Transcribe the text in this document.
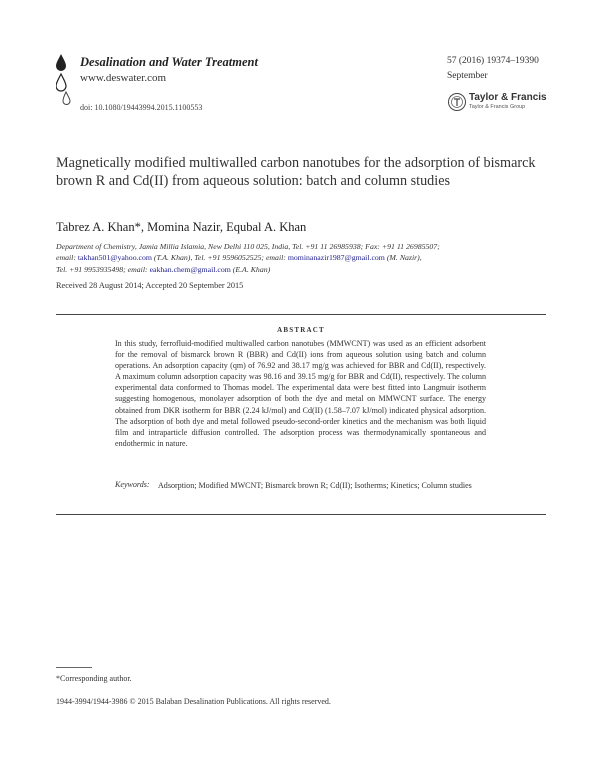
Desalination and Water Treatment
www.deswater.com
doi: 10.1080/19443994.2015.1100553
57 (2016) 19374–19390
September
Taylor & Francis
Taylor & Francis Group
Magnetically modified multiwalled carbon nanotubes for the adsorption of bismarck brown R and Cd(II) from aqueous solution: batch and column studies
Tabrez A. Khan*, Momina Nazir, Equbal A. Khan
Department of Chemistry, Jamia Millia Islamia, New Delhi 110 025, India, Tel. +91 11 26985938; Fax: +91 11 26985507;
email: takhan501@yahoo.com (T.A. Khan), Tel. +91 9596052525; email: mominanazir1987@gmail.com (M. Nazir),
Tel. +91 9953935498; email: eakhan.chem@gmail.com (E.A. Khan)
Received 28 August 2014; Accepted 20 September 2015
ABSTRACT
In this study, ferrofluid-modified multiwalled carbon nanotubes (MMWCNT) was used as an efficient adsorbent for the removal of bismarck brown R (BBR) and Cd(II) ions from aqueous solution using batch and column operations. An adsorption capacity (qm) of 76.92 and 38.17 mg/g was achieved for BBR and Cd(II), respectively. A maximum column adsorption capacity was 98.16 and 39.15 mg/g for BBR and Cd(II), respectively. The column experimental data conformed to Thomas model. The experimental data were best fitted into Langmuir isotherm suggesting homogenous, monolayer adsorption of both the dye and metal on MMWCNT surface. The energy obtained from DKR isotherm for BBR (2.24 kJ/mol) and Cd(II) (1.58–7.07 kJ/mol) indicated physical adsorption. The adsorption of both dye and metal followed pseudo-second-order kinetics and the mechanism was both liquid film and intraparticle diffusion controlled. The adsorption process was thermodynamically spontaneous and endothermic in nature.
Keywords: Adsorption; Modified MWCNT; Bismarck brown R; Cd(II); Isotherms; Kinetics; Column studies
*Corresponding author.
1944-3994/1944-3986 © 2015 Balaban Desalination Publications. All rights reserved.
